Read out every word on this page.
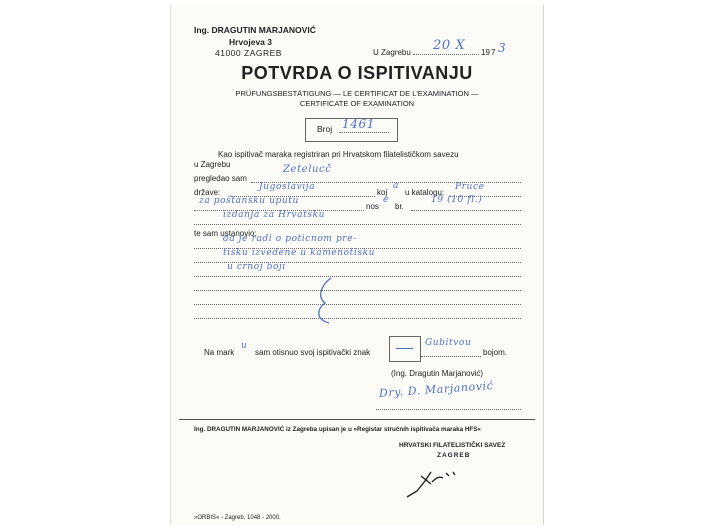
Ing. DRAGUTIN MARJANOVIĆ
Hrvojeva 3
41000 ZAGREB	U Zagrebu 20 X 19 7 3
POTVRDA O ISPITIVANJU
PRÜFUNGSBESTÄTIGUNG — LE CERTIFICAT DE L'EXAMINATION —
CERTIFICATE OF EXAMINATION
Broj 1461
Kao ispitivač maraka registriran pri Hrvatskom filatelističkom savezu
u Zagrebu
pregledao sam
Zetelucč
države:
Jugoslavija
koj
a
u katalogu:
Pruce
za poštansku uputu
nos
e
br.
19 (10 fl.)
izdanja za Hrvatsku
te sam ustanovio:
da je radi o poticnom pre-
tisku izvedene u kamenotisku
u crnoj boji
Na mark
u
sam otisnuo svoj ispitivački znak
Gubitvou
bojom.
(Ing. Dragutin Marjanović)
Dry. D. Marjanović
Ing. DRAGUTIN MARJANOVIĆ iz Zagreba upisan je u »Registar stručnih ispitivača maraka HFS«
HRVATSKI FILATELISTIČKI SAVEZ
ZAGREB
»ORBIS« - Zagreb, 1048 - 2000.
